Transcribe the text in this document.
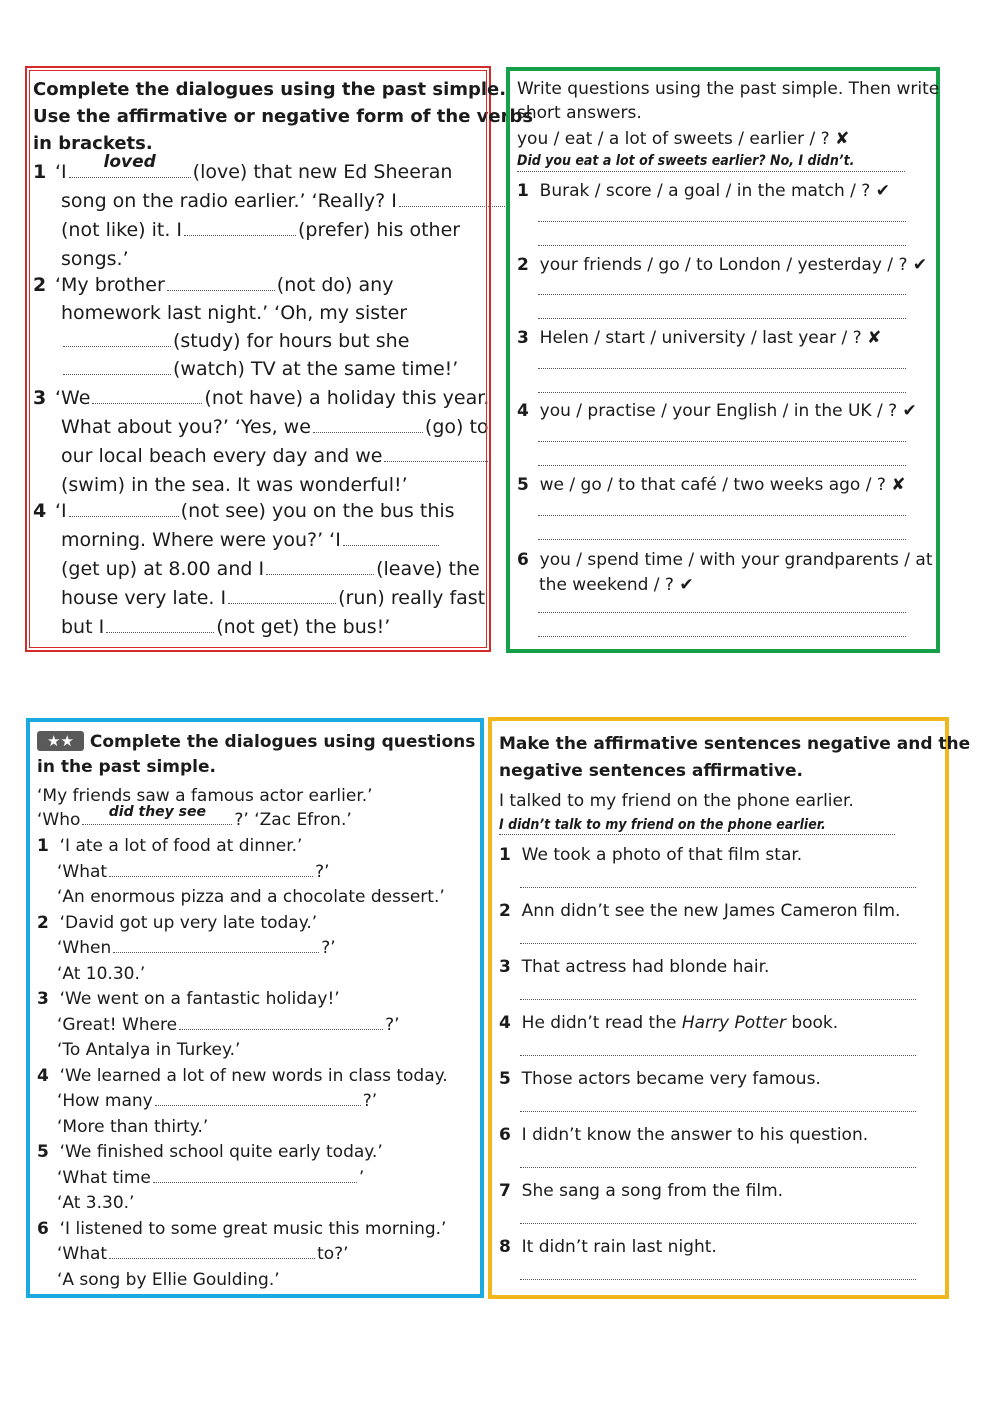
Complete the dialogues using the past simple.
Use the affirmative or negative form of the verbs
in brackets.
1 ‘I	loved	(love) that new Ed Sheeran
song on the radio earlier.’ ‘Really? I
(not like) it. I	(prefer) his other
songs.’
2 ‘My brother	(not do) any
homework last night.’ ‘Oh, my sister
(study) for hours but she
(watch) TV at the same time!’
3 ‘We	(not have) a holiday this year.
What about you?’ ‘Yes, we	(go) to
our local beach every day and we
(swim) in the sea. It was wonderful!’
4 ‘I	(not see) you on the bus this
morning. Where were you?’ ‘I
(get up) at 8.00 and I	(leave) the
house very late. I	(run) really fast
but I	(not get) the bus!’
Write questions using the past simple. Then write
short answers.
you / eat / a lot of sweets / earlier / ? ✘
Did you eat a lot of sweets earlier? No, I didn’t.
1 Burak / score / a goal / in the match / ? ✔
2 your friends / go / to London / yesterday / ? ✔
3 Helen / start / university / last year / ? ✘
4 you / practise / your English / in the UK / ? ✔
5 we / go / to that café / two weeks ago / ? ✘
6 you / spend time / with your grandparents / at
the weekend / ? ✔
★★ Complete the dialogues using questions
in the past simple.
‘My friends saw a famous actor earlier.’
‘Who	did they see	?’ ‘Zac Efron.’
1 ‘I ate a lot of food at dinner.’
‘What	?’
‘An enormous pizza and a chocolate dessert.’
2 ‘David got up very late today.’
‘When	?’
‘At 10.30.’
3 ‘We went on a fantastic holiday!’
‘Great! Where	?’
‘To Antalya in Turkey.’
4 ‘We learned a lot of new words in class today.
‘How many	?’
‘More than thirty.’
5 ‘We finished school quite early today.’
‘What time	’
‘At 3.30.’
6 ‘I listened to some great music this morning.’
‘What	to?’
‘A song by Ellie Goulding.’
Make the affirmative sentences negative and the
negative sentences affirmative.
I talked to my friend on the phone earlier.
I didn’t talk to my friend on the phone earlier.
1 We took a photo of that film star.
2 Ann didn’t see the new James Cameron film.
3 That actress had blonde hair.
4 He didn’t read the Harry Potter book.
5 Those actors became very famous.
6 I didn’t know the answer to his question.
7 She sang a song from the film.
8 It didn’t rain last night.
